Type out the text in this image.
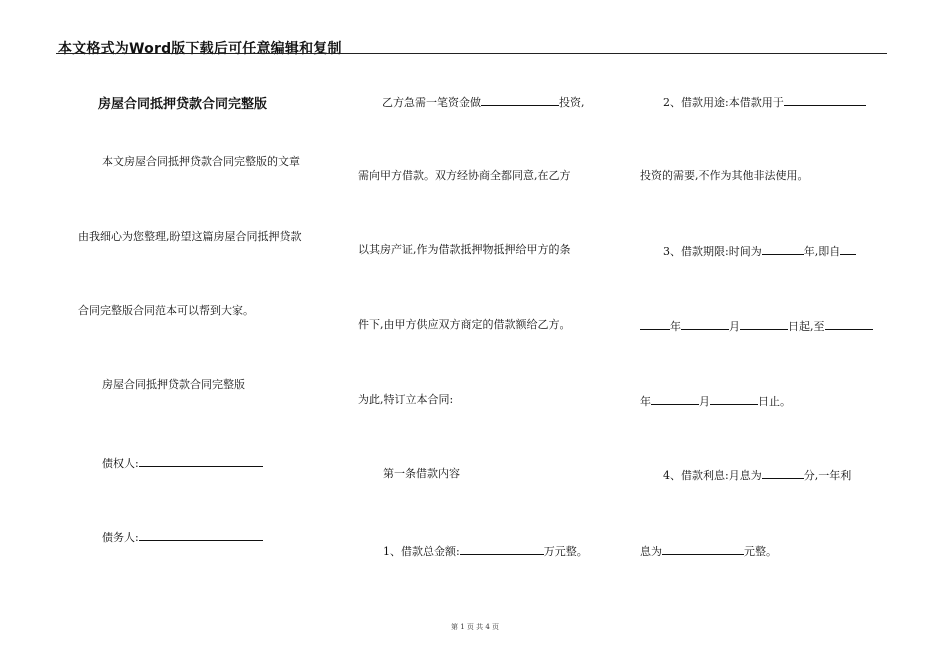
本文格式为Word版下载后可任意编辑和复制
房屋合同抵押贷款合同完整版
本文房屋合同抵押贷款合同完整版的文章
由我细心为您整理,盼望这篇房屋合同抵押贷款
合同完整版合同范本可以帮到大家。
房屋合同抵押贷款合同完整版
债权人:
债务人:
乙方急需一笔资金做	投资,
需向甲方借款。双方经协商全都同意,在乙方
以其房产证,作为借款抵押物抵押给甲方的条
件下,由甲方供应双方商定的借款额给乙方。
为此,特订立本合同:
第一条借款内容
1、借款总金额:	万元整。
2、借款用途:本借款用于
投资的需要,不作为其他非法使用。
3、借款期限:时间为	年,即自
年	月	日起,至
年	月	日止。
4、借款利息:月息为	分,一年利
息为	元整。
第 1 页 共 4 页
